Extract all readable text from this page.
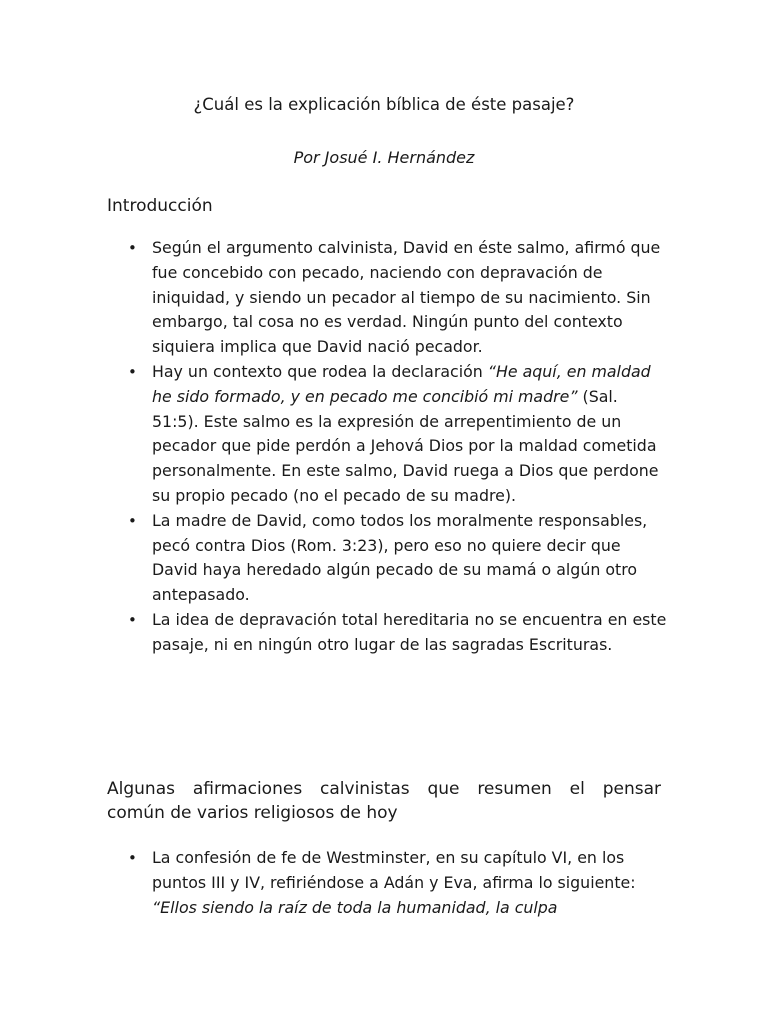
¿Cuál es la explicación bíblica de éste pasaje?
Por Josué I. Hernández
Introducción
• Según el argumento calvinista, David en éste salmo, afirmó que fue concebido con pecado, naciendo con depravación de iniquidad, y siendo un pecador al tiempo de su nacimiento. Sin embargo, tal cosa no es verdad. Ningún punto del contexto siquiera implica que David nació pecador.
• Hay un contexto que rodea la declaración “He aquí, en maldad he sido formado, y en pecado me concibió mi madre” (Sal. 51:5). Este salmo es la expresión de arrepentimiento de un pecador que pide perdón a Jehová Dios por la maldad cometida personalmente. En este salmo, David ruega a Dios que perdone su propio pecado (no el pecado de su madre).
• La madre de David, como todos los moralmente responsables, pecó contra Dios (Rom. 3:23), pero eso no quiere decir que David haya heredado algún pecado de su mamá o algún otro antepasado.
• La idea de depravación total hereditaria no se encuentra en este pasaje, ni en ningún otro lugar de las sagradas Escrituras.
Algunas afirmaciones calvinistas que resumen el pensar
común de varios religiosos de hoy
• La confesión de fe de Westminster, en su capítulo VI, en los puntos III y IV, refiriéndose a Adán y Eva, afirma lo siguiente: “Ellos siendo la raíz de toda la humanidad, la culpa
